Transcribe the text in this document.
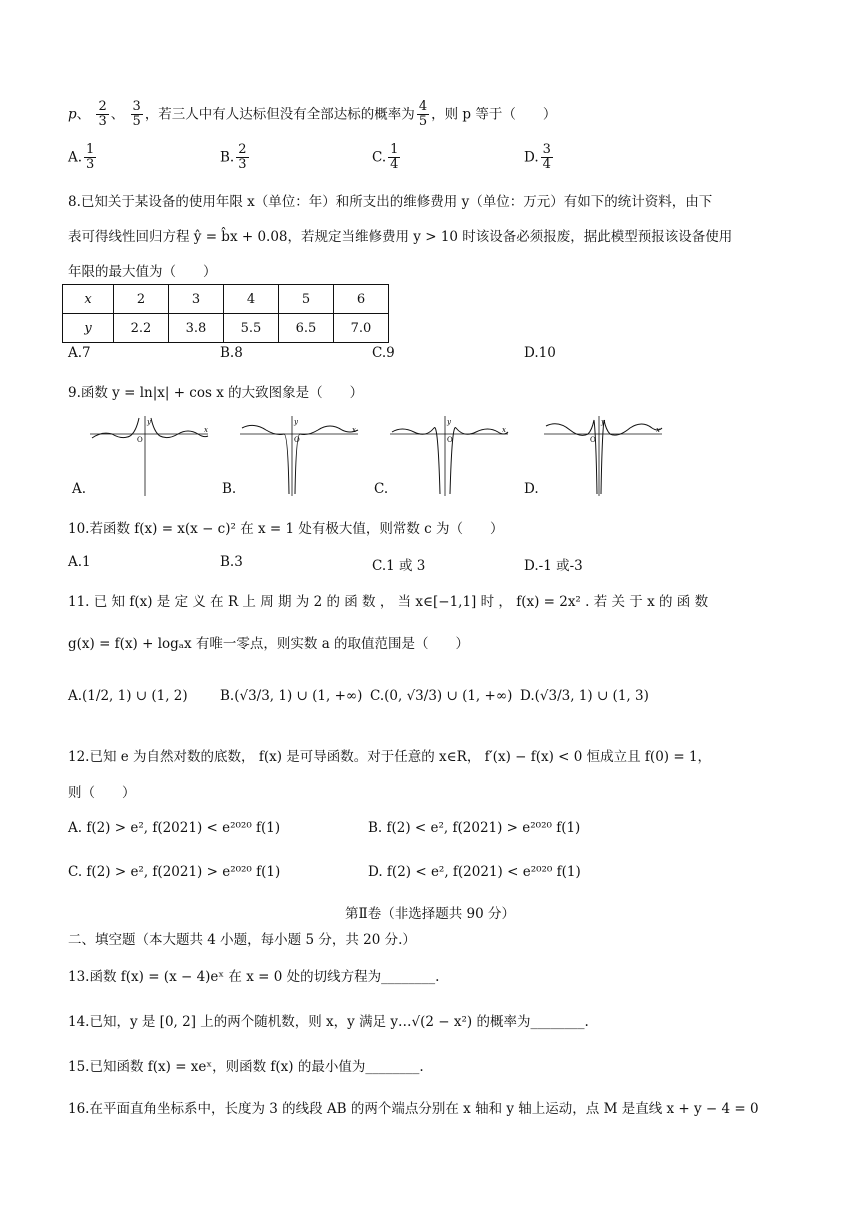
p、 $\frac{2}{3}$ 、 $\frac{3}{5}$ ，若三人中有人达标但没有全部达标的概率为 $\frac{4}{5}$ ，则 p 等于（　　）
A. $\frac{1}{3}$	B. $\frac{2}{3}$	C. $\frac{1}{4}$	D. $\frac{3}{4}$
8.已知关于某设备的使用年限 x（单位：年）和所支出的维修费用 y（单位：万元）有如下的统计资料，由下
表可得线性回归方程 ŷ = b̂x + 0.08，若规定当维修费用 y > 10 时该设备必须报废，据此模型预报该设备使用
年限的最大值为（　　）
x	2	3	4	5	6
y	2.2	3.8	5.5	6.5	7.0
A.7	B.8	C.9	D.10
9.函数 y = ln|x| + cos x 的大致图象是（　　）
y
x
O
A.
y
x
O
B.
y
x
O
C.
y
x
O
D.
10.若函数 f(x) = x(x − c)² 在 x = 1 处有极大值，则常数 c 为（　　）
A.1	B.3	C.1 或 3	D.-1 或-3
11. 已 知 f(x) 是 定 义 在 R 上 周 期 为 2 的 函 数 ， 当 x∈[−1,1] 时 ， f(x) = 2x² . 若 关 于 x 的 函 数
g(x) = f(x) + logₐx 有唯一零点，则实数 a 的取值范围是（　　）
A.(1/2, 1) ∪ (1, 2)	B.(√3/3, 1) ∪ (1, +∞) C.(0, √3/3) ∪ (1, +∞) D.(√3/3, 1) ∪ (1, 3)
12.已知 e 为自然对数的底数， f(x) 是可导函数。对于任意的 x∈R， f′(x) − f(x) < 0 恒成立且 f(0) = 1，
则（　　）
A. f(2) > e², f(2021) < e²⁰²⁰ f(1)	B. f(2) < e², f(2021) > e²⁰²⁰ f(1)
C. f(2) > e², f(2021) > e²⁰²⁰ f(1)	D. f(2) < e², f(2021) < e²⁰²⁰ f(1)
第Ⅱ卷（非选择题共 90 分）
二、填空题（本大题共 4 小题，每小题 5 分，共 20 分.）
13.函数 f(x) = (x − 4)eˣ 在 x = 0 处的切线方程为________.
14.已知，y 是 [0, 2] 上的两个随机数，则 x，y 满足 y…√(2 − x²) 的概率为________.
15.已知函数 f(x) = xeˣ，则函数 f(x) 的最小值为________.
16.在平面直角坐标系中，长度为 3 的线段 AB 的两个端点分别在 x 轴和 y 轴上运动，点 M 是直线 x + y − 4 = 0
